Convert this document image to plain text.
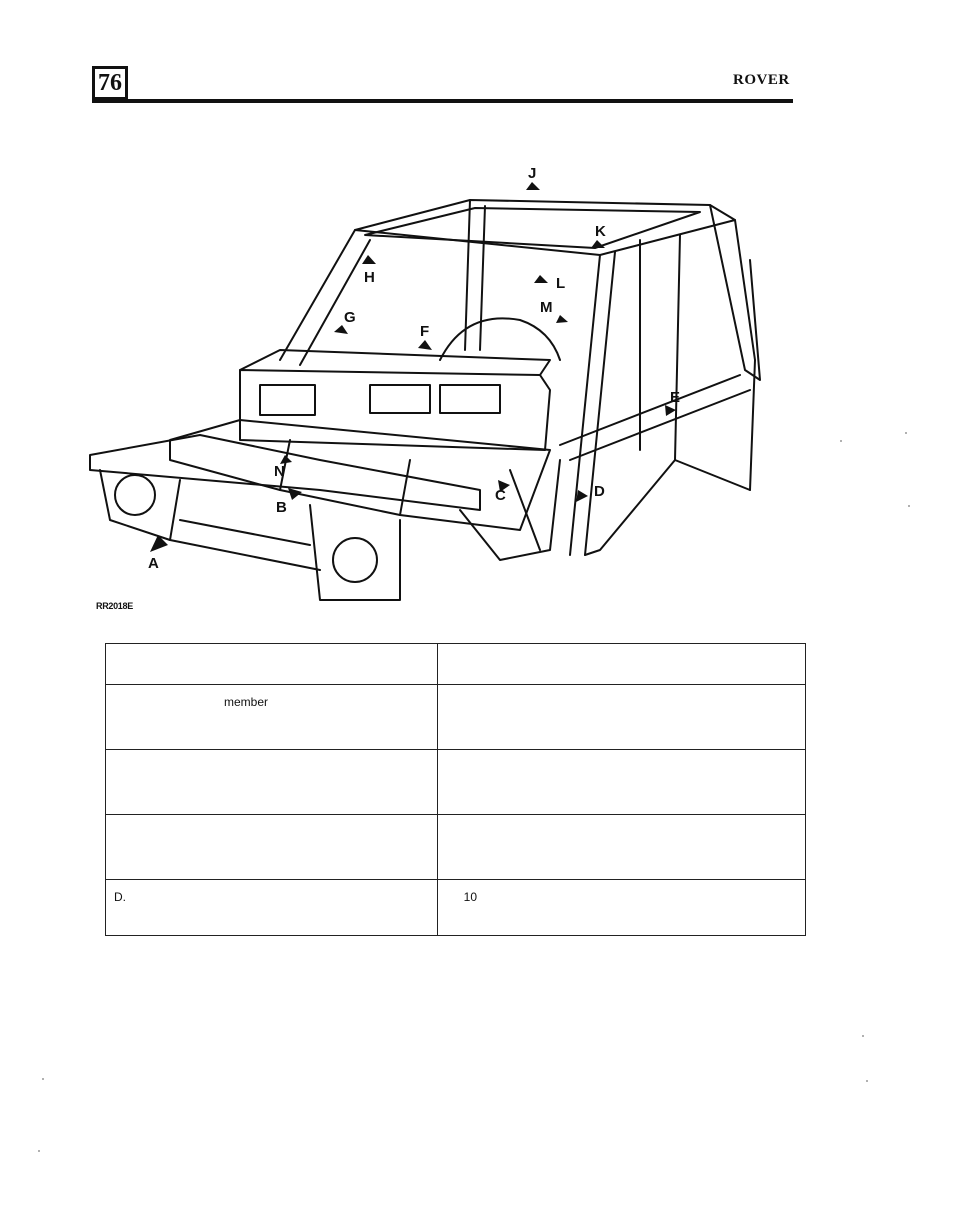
76	ROVER
A
B
C	D
E
F
G
H
J
K
L
M
N
RR2018E

member	

D.	10
